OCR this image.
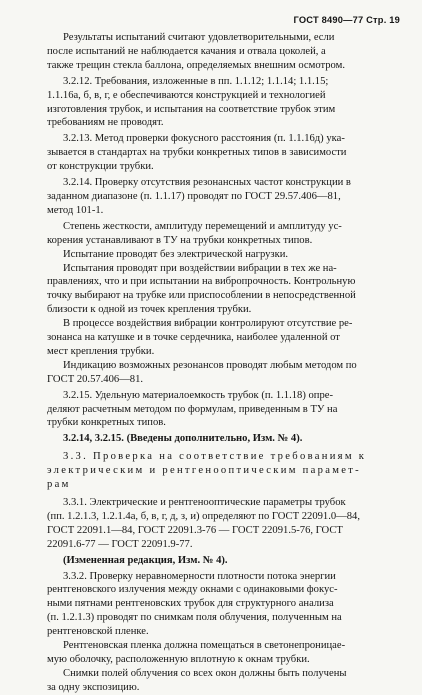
ГОСТ 8490—77 Стр. 19

Результаты испытаний считают удовлетворительными, если
после испытаний не наблюдается качания и отвала цоколей, а
также трещин стекла баллона, определяемых внешним осмотром.

3.2.12. Требования, изложенные в пп. 1.1.12; 1.1.14; 1.1.15;
1.1.16а, б, в, г, е обеспечиваются конструкцией и технологией
изготовления трубок, и испытания на соответствие трубок этим
требованиям не проводят.

3.2.13. Метод проверки фокусного расстояния (п. 1.1.16д) ука-
зывается в стандартах на трубки конкретных типов в зависимости
от конструкции трубки.

3.2.14. Проверку отсутствия резонансных частот конструкции в
заданном диапазоне (п. 1.1.17) проводят по ГОСТ 29.57.406—81,
метод 101-1.

Степень жесткости, амплитуду перемещений и амплитуду ус-
корения устанавливают в ТУ на трубки конкретных типов.

Испытание проводят без электрической нагрузки.

Испытания проводят при воздействии вибрации в тех же на-
правлениях, что и при испытании на вибропрочность. Контрольную
точку выбирают на трубке или приспособлении в непосредственной
близости к одной из точек крепления трубки.

В процессе воздействия вибрации контролируют отсутствие ре-
зонанса на катушке и в точке сердечника, наиболее удаленной от
мест крепления трубки.

Индикацию возможных резонансов проводят любым методом по
ГОСТ 20.57.406—81.

3.2.15. Удельную материалоемкость трубок (п. 1.1.18) опре-
деляют расчетным методом по формулам, приведенным в ТУ на
трубки конкретных типов.

3.2.14, 3.2.15. (Введены дополнительно, Изм. № 4).

3.3. Проверка на соответствие требованиям к
электрическим и рентгенооптическим парамет-
рам

3.3.1. Электрические и рентгенооптические параметры трубок
(пп. 1.2.1.3, 1.2.1.4а, б, в, г, д, з, и) определяют по ГОСТ 22091.0—84,
ГОСТ 22091.1—84, ГОСТ 22091.3-76 — ГОСТ 22091.5-76, ГОСТ
22091.6-77 — ГОСТ 22091.9-77.

(Измененная редакция, Изм. № 4).

3.3.2. Проверку неравномерности плотности потока энергии
рентгеновского излучения между окнами с одинаковыми фокус-
ными пятнами рентгеновских трубок для структурного анализа
(п. 1.2.1.3) проводят по снимкам поля облучения, полученным на
рентгеновской пленке.

Рентгеновская пленка должна помещаться в светонепроницае-
мую оболочку, расположенную вплотную к окнам трубки.

Снимки полей облучения со всех окон должны быть получены
за одну экспозицию.
